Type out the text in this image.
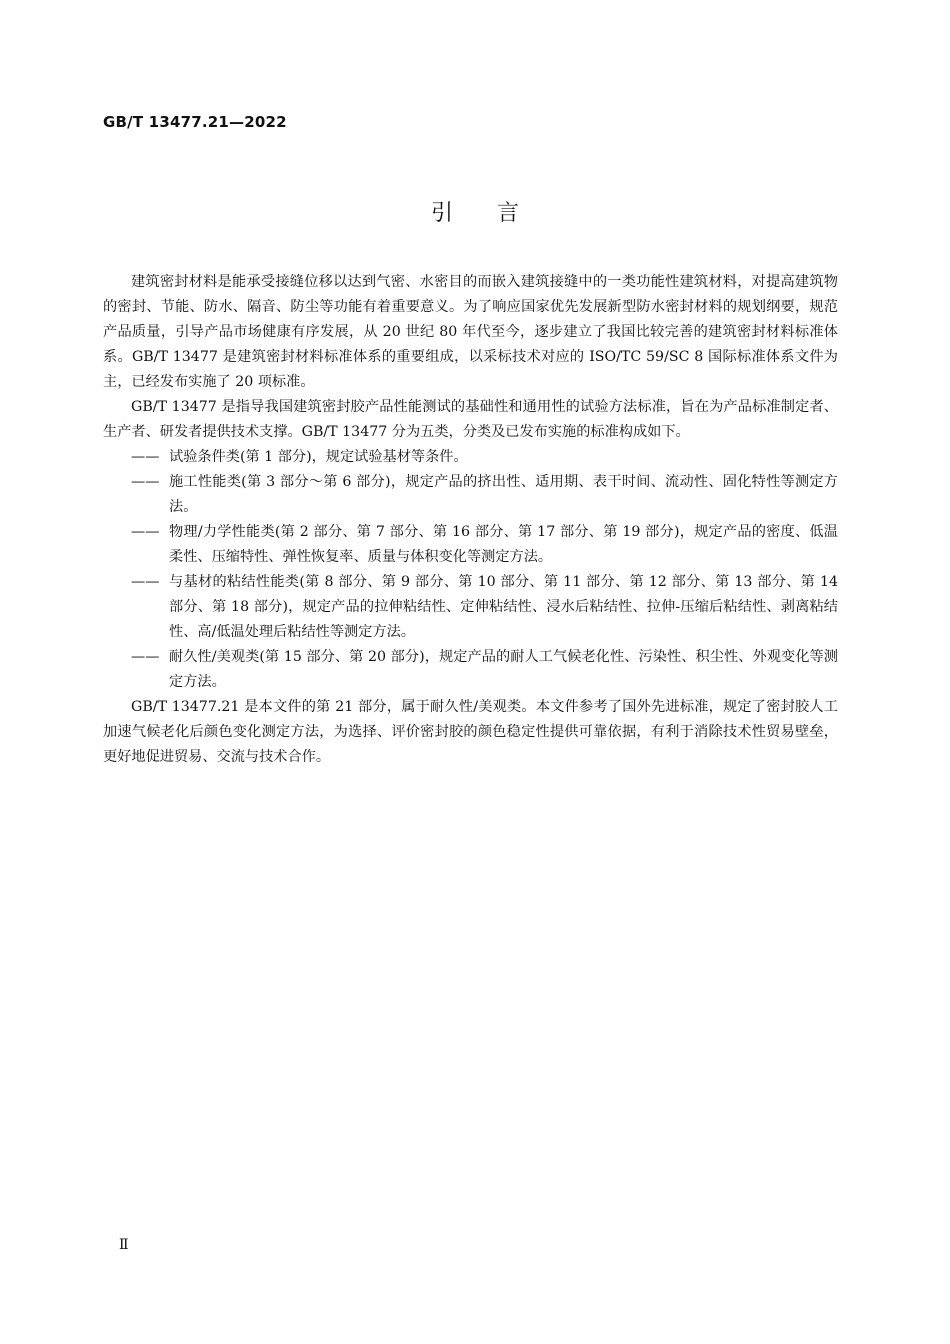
GB/T 13477.21—2022
引言

建筑密封材料是能承受接缝位移以达到气密、水密目的而嵌入建筑接缝中的一类功能性建筑材料，对提高建筑物的密封、节能、防水、隔音、防尘等功能有着重要意义。为了响应国家优先发展新型防水密封材料的规划纲要，规范产品质量，引导产品市场健康有序发展，从 20 世纪 80 年代至今，逐步建立了我国比较完善的建筑密封材料标准体系。GB/T 13477 是建筑密封材料标准体系的重要组成，以采标技术对应的 ISO/TC 59/SC 8 国际标准体系文件为主，已经发布实施了 20 项标准。

GB/T 13477 是指导我国建筑密封胶产品性能测试的基础性和通用性的试验方法标准，旨在为产品标准制定者、生产者、研发者提供技术支撑。GB/T 13477 分为五类，分类及已发布实施的标准构成如下。

—— 试验条件类(第 1 部分)，规定试验基材等条件。
—— 施工性能类(第 3 部分～第 6 部分)，规定产品的挤出性、适用期、表干时间、流动性、固化特性等测定方法。
—— 物理/力学性能类(第 2 部分、第 7 部分、第 16 部分、第 17 部分、第 19 部分)，规定产品的密度、低温柔性、压缩特性、弹性恢复率、质量与体积变化等测定方法。
—— 与基材的粘结性能类(第 8 部分、第 9 部分、第 10 部分、第 11 部分、第 12 部分、第 13 部分、第 14 部分、第 18 部分)，规定产品的拉伸粘结性、定伸粘结性、浸水后粘结性、拉伸-压缩后粘结性、剥离粘结性、高/低温处理后粘结性等测定方法。
—— 耐久性/美观类(第 15 部分、第 20 部分)，规定产品的耐人工气候老化性、污染性、积尘性、外观变化等测定方法。

GB/T 13477.21 是本文件的第 21 部分，属于耐久性/美观类。本文件参考了国外先进标准，规定了密封胶人工加速气候老化后颜色变化测定方法，为选择、评价密封胶的颜色稳定性提供可靠依据，有利于消除技术性贸易壁垒，更好地促进贸易、交流与技术合作。

Ⅱ
